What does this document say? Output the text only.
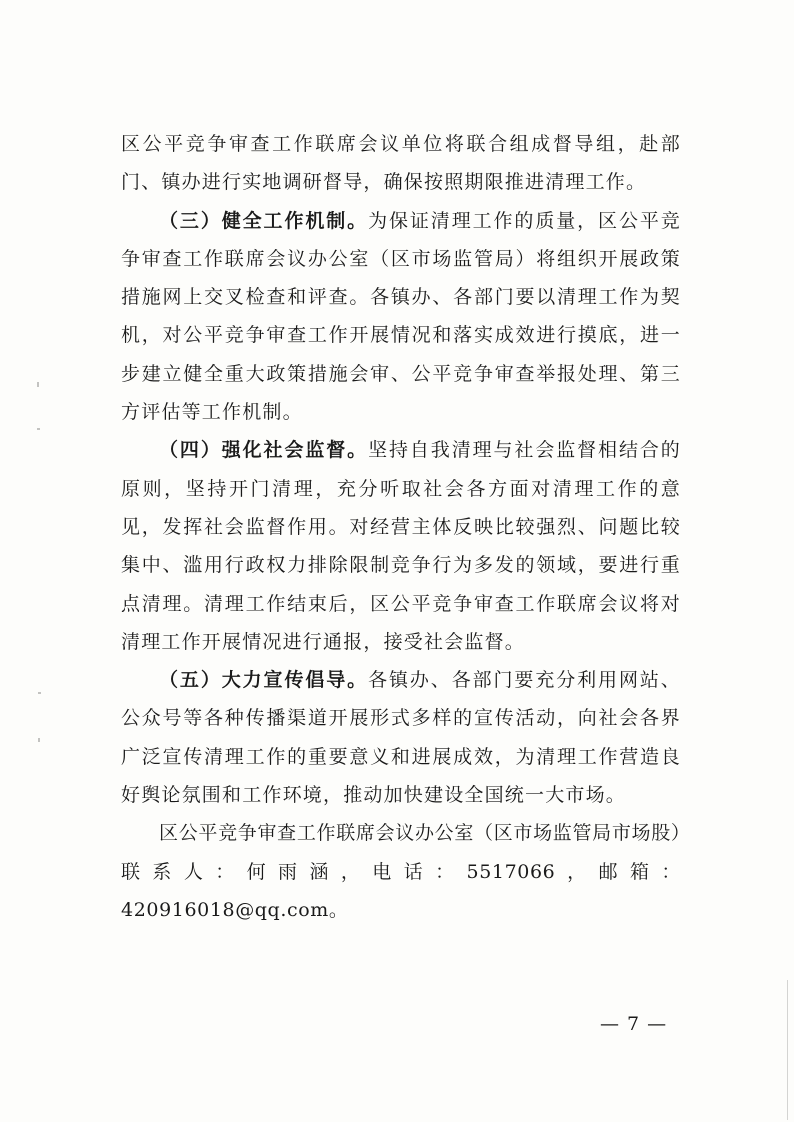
区公平竞争审查工作联席会议单位将联合组成督导组，赴部门、镇办进行实地调研督导，确保按照期限推进清理工作。

（三）健全工作机制。为保证清理工作的质量，区公平竞争审查工作联席会议办公室（区市场监管局）将组织开展政策措施网上交叉检查和评查。各镇办、各部门要以清理工作为契机，对公平竞争审查工作开展情况和落实成效进行摸底，进一步建立健全重大政策措施会审、公平竞争审查举报处理、第三方评估等工作机制。

（四）强化社会监督。坚持自我清理与社会监督相结合的原则，坚持开门清理，充分听取社会各方面对清理工作的意见，发挥社会监督作用。对经营主体反映比较强烈、问题比较集中、滥用行政权力排除限制竞争行为多发的领域，要进行重点清理。清理工作结束后，区公平竞争审查工作联席会议将对清理工作开展情况进行通报，接受社会监督。

（五）大力宣传倡导。各镇办、各部门要充分利用网站、公众号等各种传播渠道开展形式多样的宣传活动，向社会各界广泛宣传清理工作的重要意义和进展成效，为清理工作营造良好舆论氛围和工作环境，推动加快建设全国统一大市场。

区公平竞争审查工作联席会议办公室（区市场监管局市场股）联系人：何雨涵，电话：5517066，邮箱：420916018@qq.com。

— 7 —
